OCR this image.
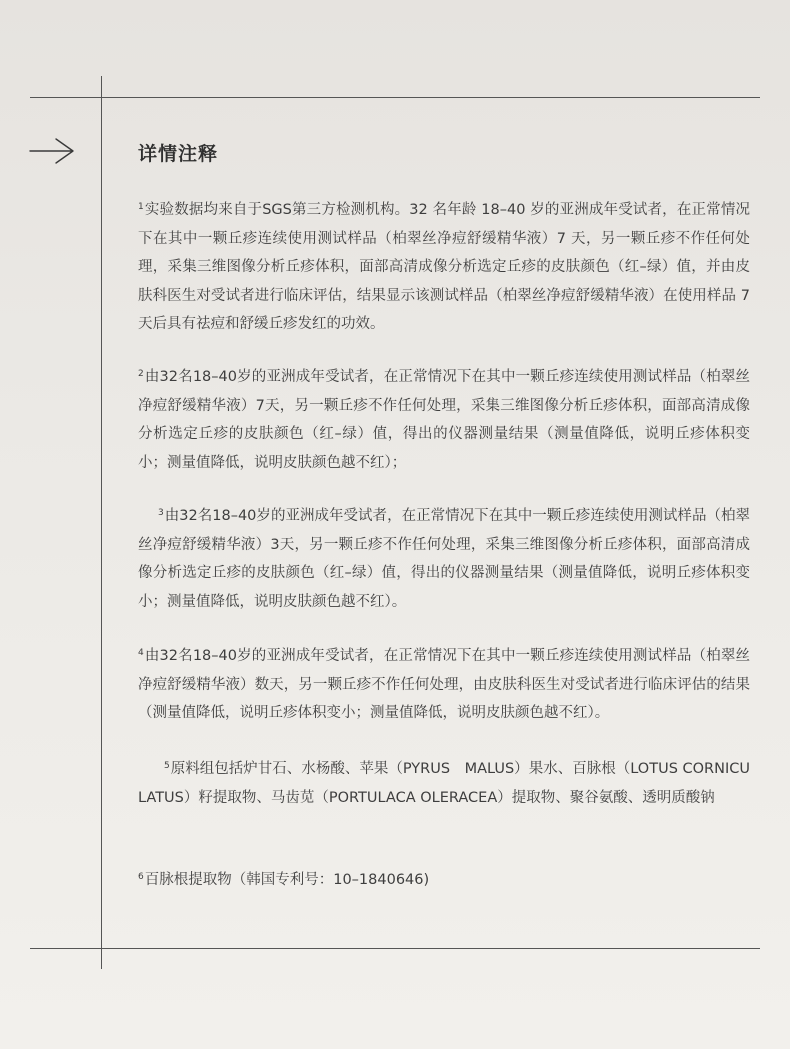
详情注释

$^1$实验数据均来自于SGS第三方检测机构。32 名年龄 18–40 岁的亚洲成年受试者，在正常情况下在其中一颗丘疹连续使用测试样品（柏翠丝净痘舒缓精华液）7 天，另一颗丘疹不作任何处理，采集三维图像分析丘疹体积，面部高清成像分析选定丘疹的皮肤颜色（红–绿）值，并由皮肤科医生对受试者进行临床评估，结果显示该测试样品（柏翠丝净痘舒缓精华液）在使用样品 7 天后具有祛痘和舒缓丘疹发红的功效。

$^2$由32名18–40岁的亚洲成年受试者，在正常情况下在其中一颗丘疹连续使用测试样品（柏翠丝净痘舒缓精华液）7天，另一颗丘疹不作任何处理，采集三维图像分析丘疹体积，面部高清成像分析选定丘疹的皮肤颜色（红–绿）值，得出的仪器测量结果（测量值降低，说明丘疹体积变小；测量值降低，说明皮肤颜色越不红）；

$^3$由32名18–40岁的亚洲成年受试者，在正常情况下在其中一颗丘疹连续使用测试样品（柏翠丝净痘舒缓精华液）3天，另一颗丘疹不作任何处理，采集三维图像分析丘疹体积，面部高清成像分析选定丘疹的皮肤颜色（红–绿）值，得出的仪器测量结果（测量值降低，说明丘疹体积变小；测量值降低，说明皮肤颜色越不红）。

$^4$由32名18–40岁的亚洲成年受试者，在正常情况下在其中一颗丘疹连续使用测试样品（柏翠丝净痘舒缓精华液）数天，另一颗丘疹不作任何处理，由皮肤科医生对受试者进行临床评估的结果（测量值降低，说明丘疹体积变小；测量值降低，说明皮肤颜色越不红）。

$^5$原料组包括炉甘石、水杨酸、苹果（PYRUS　MALUS）果水、百脉根（LOTUS CORNICULATUS）籽提取物、马齿苋（PORTULACA OLERACEA）提取物、聚谷氨酸、透明质酸钠

$^6$百脉根提取物（韩国专利号：10–1840646)
